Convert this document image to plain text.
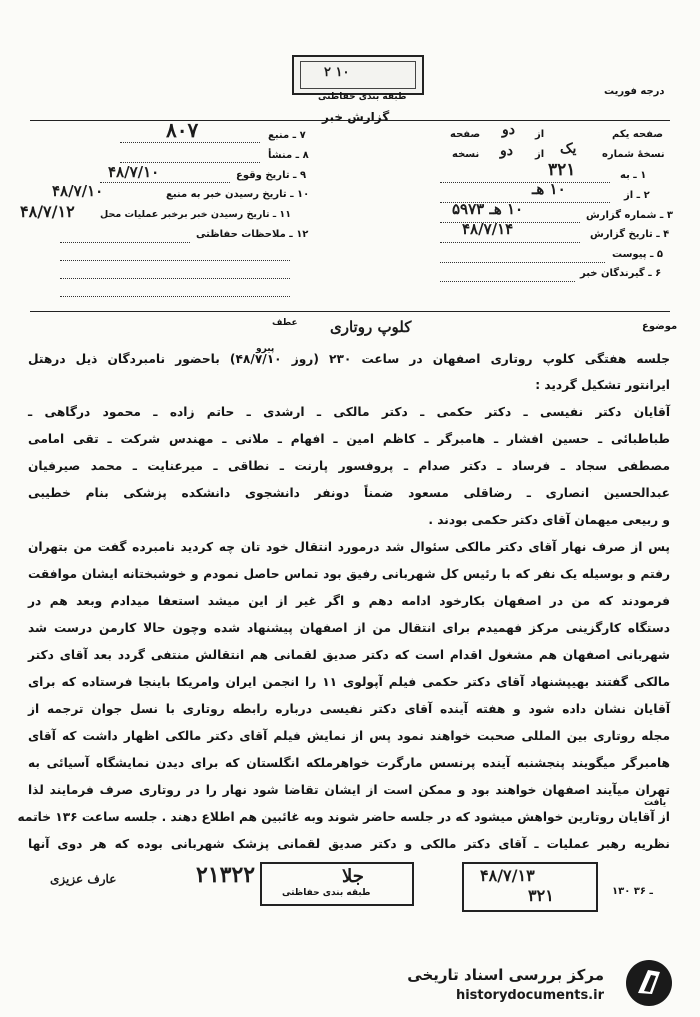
۲ ۱۰
طبقه بندی حفاظتی
گزارش خبر
درجه فوریت
صفحه یکم
از
دو
صفحه
نسخهٔ شماره
یک
از
دو
نسخه
۱ ـ به
۳۲۱
۲ ـ از
۱۰ هـ
۳ ـ شماره گزارش
۱۰ هـ ۵۹۷۳
۴ ـ تاریخ گزارش
۴۸/۷/۱۴
۵ ـ پیوست
۶ ـ گیرندگان خبر
۷ ـ منبع
۸۰۷
۸ ـ منشأ
۹ ـ تاریخ وقوع
۴۸/۷/۱۰
۱۰ ـ تاریخ رسیدن خبر به منبع
۴۸/۷/۱۰
۱۱ ـ تاریخ رسیدن خبر برخبر عملیات محل
۴۸/۷/۱۲
۱۲ ـ ملاحظات حفاظتی
موضوع
کلوپ روتاری
عطف
پیرو
جلسه هفتگی کلوپ روتاری اصفهان در ساعت ۲۳۰ (روز ۴۸/۷/۱۰) باحضور نامبردگان ذیل درهتل
ایرانتور تشکیل گردید :
آقایان دکتر نفیسی ـ دکتر حکمی ـ دکتر مالکی ـ ارشدی ـ حاتم زاده ـ محمود درگاهی ـ
طباطبائی ـ حسین افشار ـ هامبرگر ـ کاظم امین ـ افهام ـ ملانی ـ مهندس شرکت ـ تقی امامی
مصطفی سجاد ـ فرساد ـ دکتر صدام ـ پروفسور پارنت ـ نطاقی ـ میرعنایت ـ محمد صیرفیان
عبدالحسین انصاری ـ رضاقلی مسعود ضمناً دونفر دانشجوی دانشکده پزشکی بنام خطیبی
و ربیعی میهمان آقای دکتر حکمی بودند .
پس از صرف نهار آقای دکتر مالکی سئوال شد درمورد انتقال خود تان چه کردید نامبرده گفت من بتهران
رفتم و بوسیله یک نفر که با رئیس کل شهربانی رفیق بود تماس حاصل نمودم و خوشبختانه ایشان موافقت
فرمودند که من در اصفهان بکارخود ادامه دهم و اگر غیر از این میشد استعفا میدادم وبعد هم در
دستگاه کارگزینی مرکز فهمیدم برای انتقال من از اصفهان پیشنهاد شده وچون حالا کارمن درست شد
شهربانی اصفهان هم مشغول اقدام است که دکتر صدیق لقمانی هم انتقالش منتفی گردد بعد آقای دکتر
مالکی گفتند بهیپشنهاد آقای دکتر حکمی فیلم آپولوی ۱۱ را انجمن ایران وامریکا باینجا فرستاده که برای
آقایان نشان داده شود و هفته آینده آقای دکتر نفیسی درباره رابطه روتاری با نسل جوان ترجمه از
مجله روتاری بین المللی صحبت خواهند نمود پس از نمایش فیلم آقای دکتر مالکی اظهار داشت که آقای
هامبرگر میگویند پنجشنبه آینده پرنسس مارگرت خواهرملکه انگلستان که برای دیدن نمایشگاه آسیائی به
تهران میآیند اصفهان خواهند بود و ممکن است از ایشان تقاضا شود نهار را در روتاری صرف فرمایند لذا
از آقایان روتارین خواهش میشود که در جلسه حاضر شوند وبه غائبین هم اطلاع دهند . جلسه ساعت ۱۳۶ خاتمه
نظریه رهبر عملیات ـ آقای دکتر مالکی و دکتر صدیق لقمانی پزشک شهربانی بوده که هر دوی آنها
یافت
۲۱۳۲۲
طبقه بندی حفاظتی
جلا	۴۸/۷/۱۳
۳۲۱
عارف عزیزی
۱۳۰ ـ ۳۶
مرکز بررسی اسناد تاریخی
historydocuments.ir
